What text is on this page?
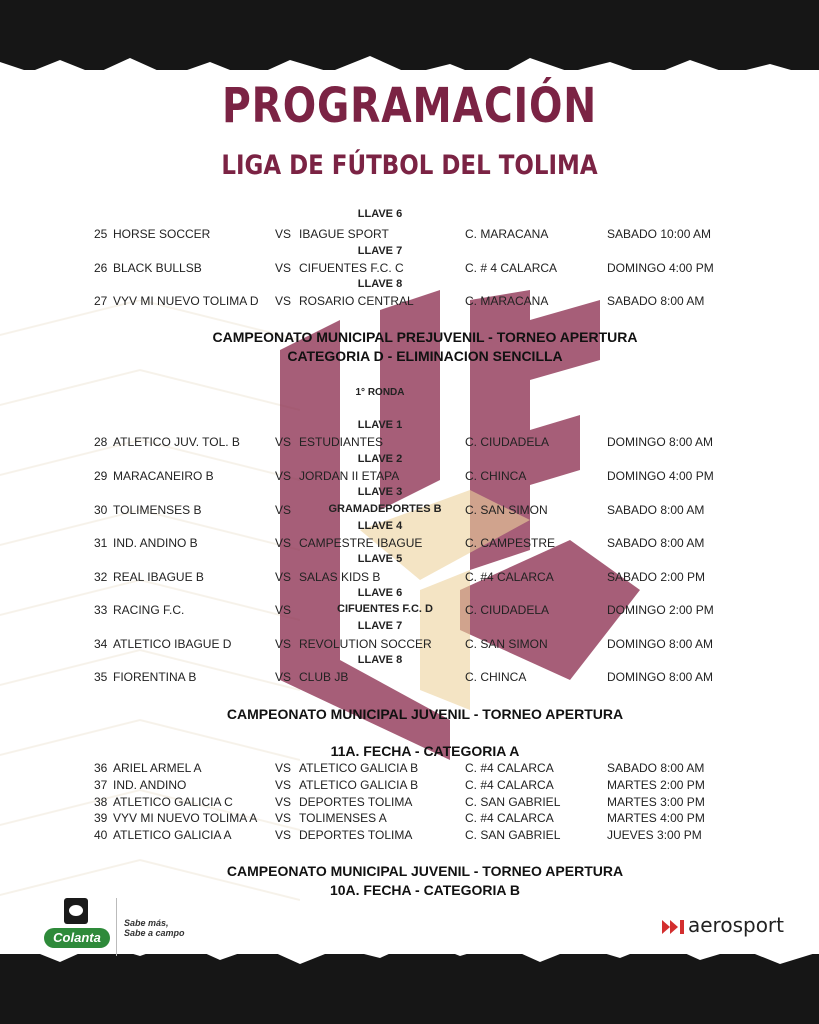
PROGRAMACIÓN
LIGA DE FÚTBOL DEL TOLIMA
LLAVE 6
25 HORSE SOCCER	VS IBAGUE SPORT	C. MARACANA	SABADO 10:00 AM
LLAVE 7
26 BLACK BULLSB	VS CIFUENTES F.C. C	C. # 4 CALARCA	DOMINGO 4:00 PM
LLAVE 8
27 VYV MI NUEVO TOLIMA D VS ROSARIO CENTRAL	C. MARACANA	SABADO 8:00 AM
CAMPEONATO MUNICIPAL PREJUVENIL - TORNEO APERTURA
CATEGORIA D - ELIMINACION SENCILLA
1° RONDA
LLAVE 1
28 ATLETICO JUV. TOL. B	VS ESTUDIANTES	C. CIUDADELA	DOMINGO 8:00 AM
LLAVE 2
29 MARACANEIRO B	VS JORDAN II ETAPA	C. CHINCA	DOMINGO 4:00 PM
LLAVE 3
30 TOLIMENSES B	VS	GRAMADEPORTES B	C. SAN SIMON	SABADO 8:00 AM
LLAVE 4
31 IND. ANDINO B	VS CAMPESTRE IBAGUE	C. CAMPESTRE	SABADO 8:00 AM
LLAVE 5
32 REAL IBAGUE B	VS SALAS KIDS B	C. #4 CALARCA	SABADO 2:00 PM
LLAVE 6
33 RACING F.C.	VS	CIFUENTES F.C. D	C. CIUDADELA	DOMINGO 2:00 PM
LLAVE 7
34 ATLETICO IBAGUE D	VS REVOLUTION SOCCER	C. SAN SIMON	DOMINGO 8:00 AM
LLAVE 8
35 FIORENTINA B	VS CLUB JB	C. CHINCA	DOMINGO 8:00 AM
CAMPEONATO MUNICIPAL JUVENIL - TORNEO APERTURA
11A. FECHA - CATEGORIA A
36 ARIEL ARMEL A	VS ATLETICO GALICIA B	C. #4 CALARCA	SABADO 8:00 AM
37 IND. ANDINO	VS ATLETICO GALICIA B	C. #4 CALARCA	MARTES 2:00 PM
38 ATLETICO GALICIA C	VS DEPORTES TOLIMA	C. SAN GABRIEL	MARTES 3:00 PM
39 VYV MI NUEVO TOLIMA A VS TOLIMENSES A	C. #4 CALARCA	MARTES 4:00 PM
40 ATLETICO GALICIA A	VS DEPORTES TOLIMA	C. SAN GABRIEL	JUEVES 3:00 PM
CAMPEONATO MUNICIPAL JUVENIL - TORNEO APERTURA
10A. FECHA - CATEGORIA B
Colanta
Sabe más,
Sabe a campo	aerosport
